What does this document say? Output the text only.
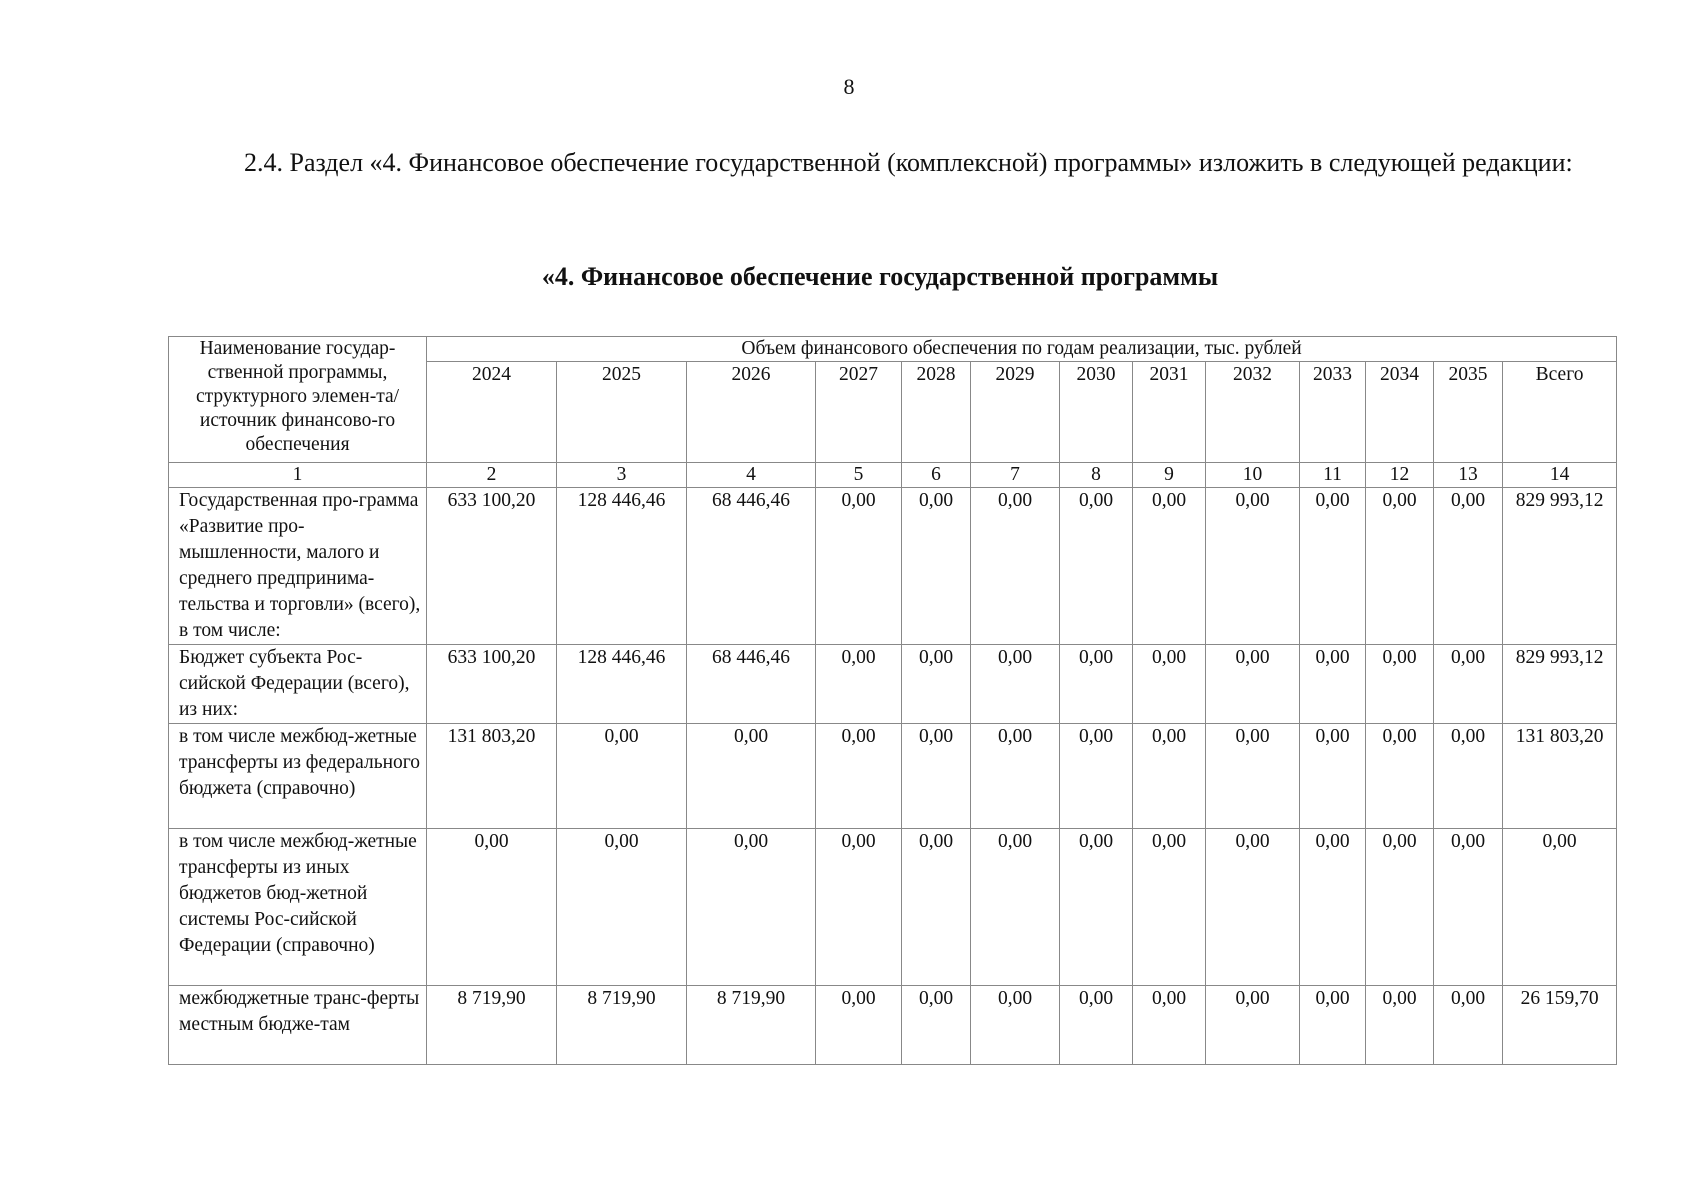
8

2.4. Раздел «4. Финансовое обеспечение государственной (комплексной) программы» изложить в следующей редакции:

«4. Финансовое обеспечение государственной программы

Наименование государ-ственной программы, структурного элемен-та/источник финансово-го обеспечения	Объем финансового обеспечения по годам реализации, тыс. рублей												
	2024	2025	2026	2027	2028	2029	2030	2031	2032	2033	2034	2035	Всего
1	2	3	4	5	6	7	8	9	10	11	12	13	14
Государственная про-грамма «Развитие про-мышленности, малого и среднего предпринима-тельства и торговли» (всего), в том числе:	633 100,20	128 446,46	68 446,46	0,00	0,00	0,00	0,00	0,00	0,00	0,00	0,00	0,00	829 993,12
Бюджет субъекта Рос-сийской Федерации (всего), из них:	633 100,20	128 446,46	68 446,46	0,00	0,00	0,00	0,00	0,00	0,00	0,00	0,00	0,00	829 993,12
в том числе межбюд-жетные трансферты из федерального бюджета (справочно)	131 803,20	0,00	0,00	0,00	0,00	0,00	0,00	0,00	0,00	0,00	0,00	0,00	131 803,20
в том числе межбюд-жетные трансферты из иных бюджетов бюд-жетной системы Рос-сийской Федерации (справочно)	0,00	0,00	0,00	0,00	0,00	0,00	0,00	0,00	0,00	0,00	0,00	0,00	0,00
межбюджетные транс-ферты местным бюдже-там	8 719,90	8 719,90	8 719,90	0,00	0,00	0,00	0,00	0,00	0,00	0,00	0,00	0,00	26 159,70
